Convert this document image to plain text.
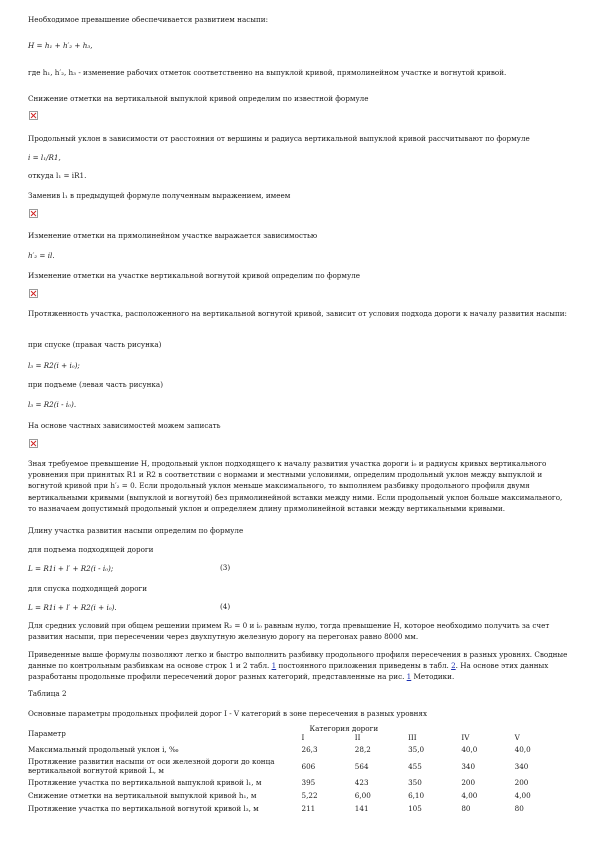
Необходимое превышение обеспечивается развитием насыпи:
H = h₁ + h′₂ + h₃,
где h₁, h′₂, h₃ - изменение рабочих отметок соответственно на выпуклой кривой, прямолинейном участке и вогнутой кривой.
Снижение отметки на вертикальной выпуклой кривой определим по известной формуле
Продольный уклон в зависимости от расстояния от вершины и радиуса вертикальной выпуклой кривой рассчитывают по формуле
i = l₁/R1,
откуда l₁ = iR1.
Заменив l₁ в предыдущей формуле полученным выражением, имеем
Изменение отметки на прямолинейном участке выражается зависимостью
h′₂ = il.
Изменение отметки на участке вертикальной вогнутой кривой определим по формуле
Протяженность участка, расположенного на вертикальной вогнутой кривой, зависит от условия подхода дороги к началу развития насыпи:
при спуске (правая часть рисунка)
l₃ = R2(i + i₀);
при подъеме (левая часть рисунка)
l₃ = R2(i - i₀).
На основе частных зависимостей можем записать
Зная требуемое превышение H, продольный уклон подходящего к началу развития участка дороги i₀ и радиусы кривых вертикального уровнения при принятых R1 и R2 в соответствии с нормами и местными условиями, определим продольный уклон между выпуклой и вогнутой кривой при h′₂ = 0. Если продольный уклон меньше максимального, то выполняем разбивку продольного профиля двумя вертикальными кривыми (выпуклой и вогнутой) без прямолинейной вставки между ними. Если продольный уклон больше максимального, то назначаем допустимый продольный уклон и определяем длину прямолинейной вставки между вертикальными кривыми.
Длину участка развития насыпи определим по формуле
для подъема подходящей дороги
L = R1i + l′ + R2(i - i₀);	(3)
для спуска подходящей дороги
L = R1i + l′ + R2(i + i₀).	(4)
Для средних условий при общем решении примем R₂ = 0 и i₀ равным нулю, тогда превышение H, которое необходимо получить за счет развития насыпи, при пересечении через двухпутную железную дорогу на перегонах равно 8000 мм.
Приведенные выше формулы позволяют легко и быстро выполнить разбивку продольного профиля пересечения в разных уровнях. Сводные данные по контрольным разбивкам на основе строк 1 и 2 табл. 1 постоянного приложения приведены в табл. 2. На основе этих данных разработаны продольные профили пересечений дорог разных категорий, представленные на рис. 1 Методики.
Таблица 2
Основные параметры продольных профилей дорог I - V категорий в зоне пересечения в разных уровнях
Параметр	Категория дороги				
	I	II	III	IV	V
Максимальный продольный уклон i, ‰	26,3	28,2	35,0	40,0	40,0
Протяжение развития насыпи от оси железной дороги до конца вертикальной вогнутой кривой L, м	606	564	455	340	340
Протяжение участка по вертикальной выпуклой кривой l₁, м	395	423	350	200	200
Снижение отметки на вертикальной выпуклой кривой h₁, м	5,22	6,00	6,10	4,00	4,00
Протяжение участка по вертикальной вогнутой кривой l₃, м	211	141	105	80	80
